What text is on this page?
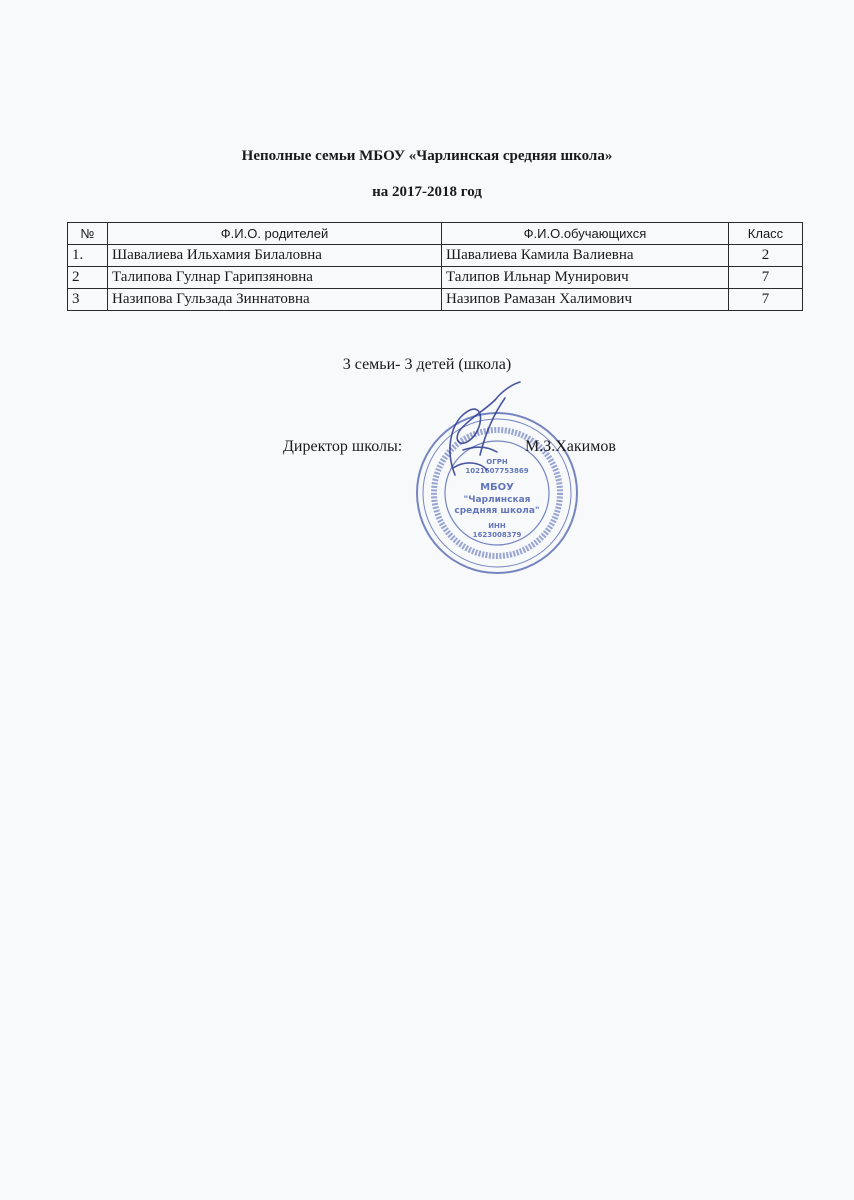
Неполные семьи МБОУ «Чарлинская средняя школа»
на 2017-2018 год
№	Ф.И.О. родителей	Ф.И.О.обучающихся	Класс
1.	Шавалиева Ильхамия Билаловна	Шавалиева Камила Валиевна	2
2	Талипова Гулнар Гарипзяновна	Талипов Ильнар Мунирович	7
3	Назипова Гульзада Зиннатовна	Назипов Рамазан Халимович	7
3 семьи- 3 детей (школа)
ОГРН
1021607753869
МБОУ
"Чарлинская
средняя школа"
ИНН
1623008379
Директор школы:	М.З.Хакимов
